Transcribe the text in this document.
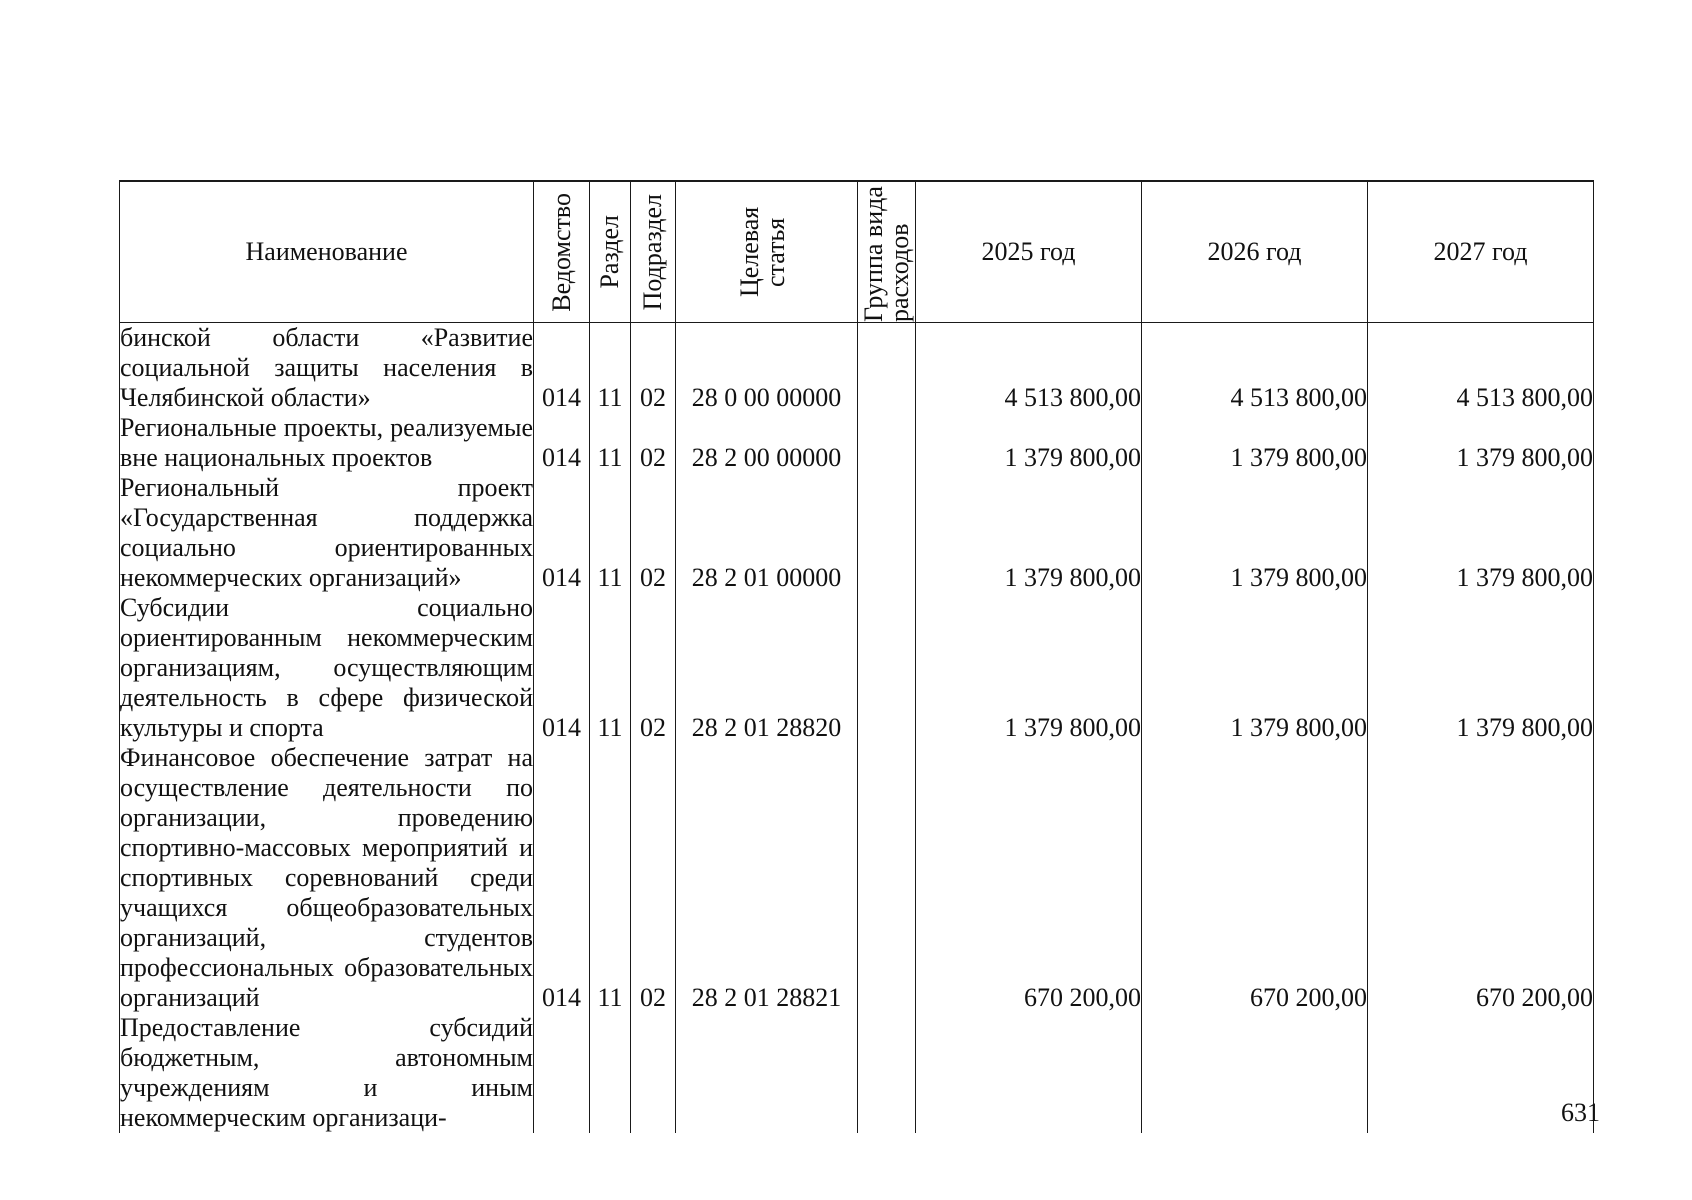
Наименование	Ведомство	Раздел	Подраздел	Целевая статья	Группа вида расходов	2025 год	2026 год	2027 год
бинской области «Развитие социальной защиты населения в Челябинской области»	014	11	02	28 0 00 00000		4 513 800,00	4 513 800,00	4 513 800,00
Региональные проекты, реализуемые вне национальных проектов	014	11	02	28 2 00 00000		1 379 800,00	1 379 800,00	1 379 800,00
Региональный проект «Государственная поддержка социально ориентированных некоммерческих организаций»	014	11	02	28 2 01 00000		1 379 800,00	1 379 800,00	1 379 800,00
Субсидии социально ориентированным некоммерческим организациям, осуществляющим деятельность в сфере физической культуры и спорта	014	11	02	28 2 01 28820		1 379 800,00	1 379 800,00	1 379 800,00
Финансовое обеспечение затрат на осуществление деятельности по организации, проведению спортивно-массовых мероприятий и спортивных соревнований среди учащихся общеобразовательных организаций, студентов профессиональных образовательных организаций	014	11	02	28 2 01 28821		670 200,00	670 200,00	670 200,00
Предоставление субсидий бюджетным, автономным учреждениям и иным некоммерческим организаци-									631
